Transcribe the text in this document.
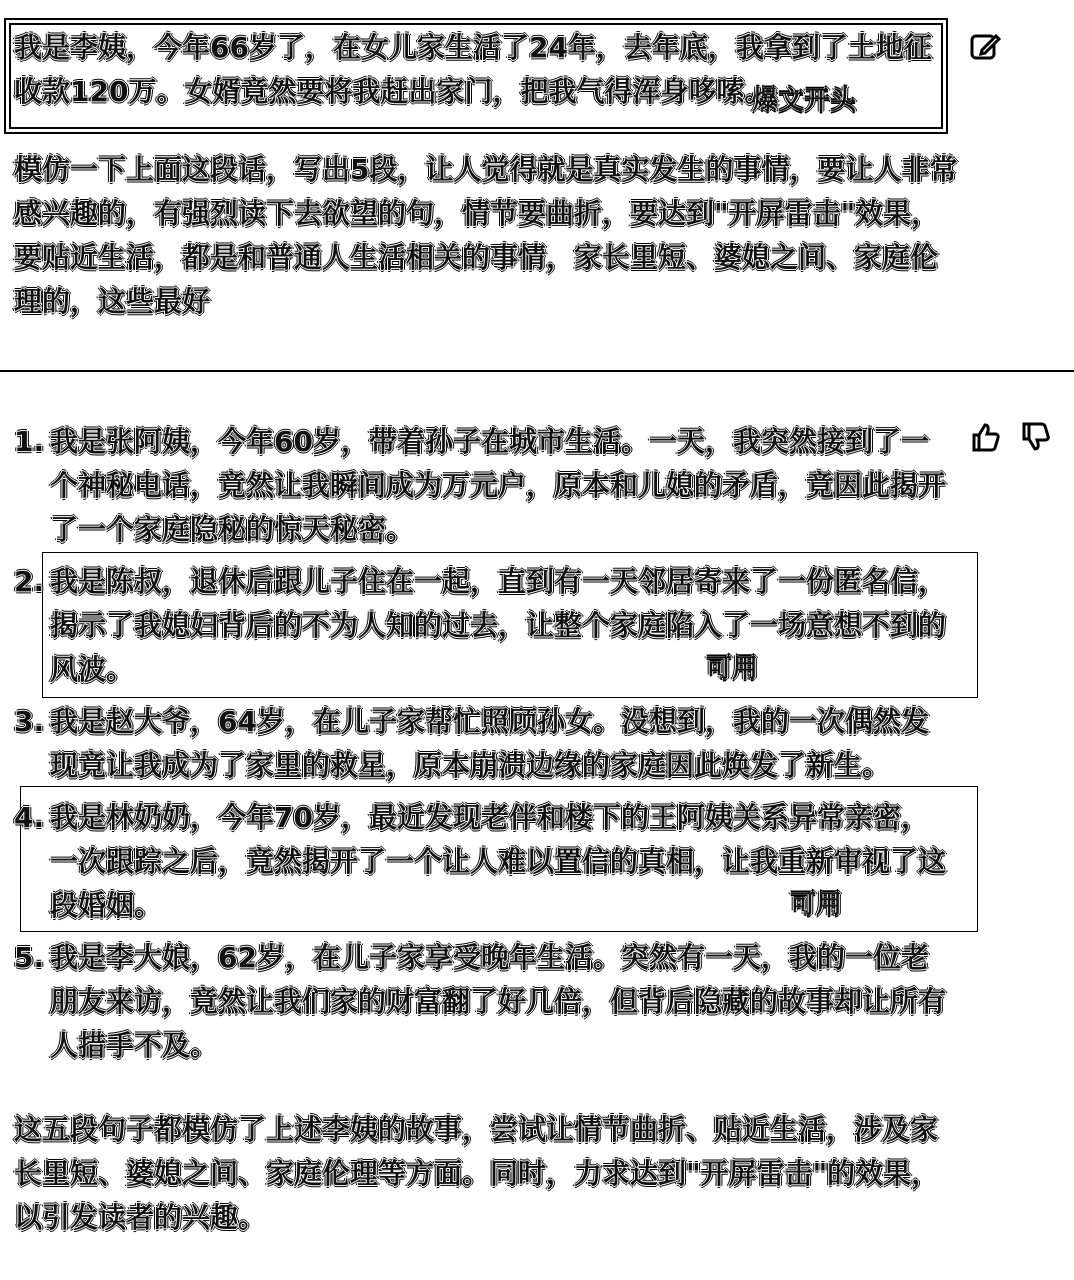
我是李姨，今年66岁了，在女儿家生活了24年，去年底，我拿到了土地征收款120万。女婿竟然要将我赶出家门，把我气得浑身哆嗦。
爆文开头
模仿一下上面这段话，写出5段，让人觉得就是真实发生的事情，要让人非常感兴趣的，有强烈读下去欲望的句，情节要曲折，要达到"开屏雷击"效果，要贴近生活，都是和普通人生活相关的事情，家长里短、婆媳之间、家庭伦理的，这些最好
1. 我是张阿姨，今年60岁，带着孙子在城市生活。一天，我突然接到了一个神秘电话，竟然让我瞬间成为万元户，原本和儿媳的矛盾，竟因此揭开了一个家庭隐秘的惊天秘密。
2. 我是陈叔，退休后跟儿子住在一起，直到有一天邻居寄来了一份匿名信，揭示了我媳妇背后的不为人知的过去，让整个家庭陷入了一场意想不到的风波。
3. 我是赵大爷，64岁，在儿子家帮忙照顾孙女。没想到，我的一次偶然发现竟让我成为了家里的救星，原本崩溃边缘的家庭因此焕发了新生。
4. 我是林奶奶，今年70岁，最近发现老伴和楼下的王阿姨关系异常亲密，一次跟踪之后，竟然揭开了一个让人难以置信的真相，让我重新审视了这段婚姻。
5. 我是李大娘，62岁，在儿子家享受晚年生活。突然有一天，我的一位老朋友来访，竟然让我们家的财富翻了好几倍，但背后隐藏的故事却让所有人措手不及。
可用
可用
这五段句子都模仿了上述李姨的故事，尝试让情节曲折、贴近生活，涉及家长里短、婆媳之间、家庭伦理等方面。同时，力求达到"开屏雷击"的效果，以引发读者的兴趣。
